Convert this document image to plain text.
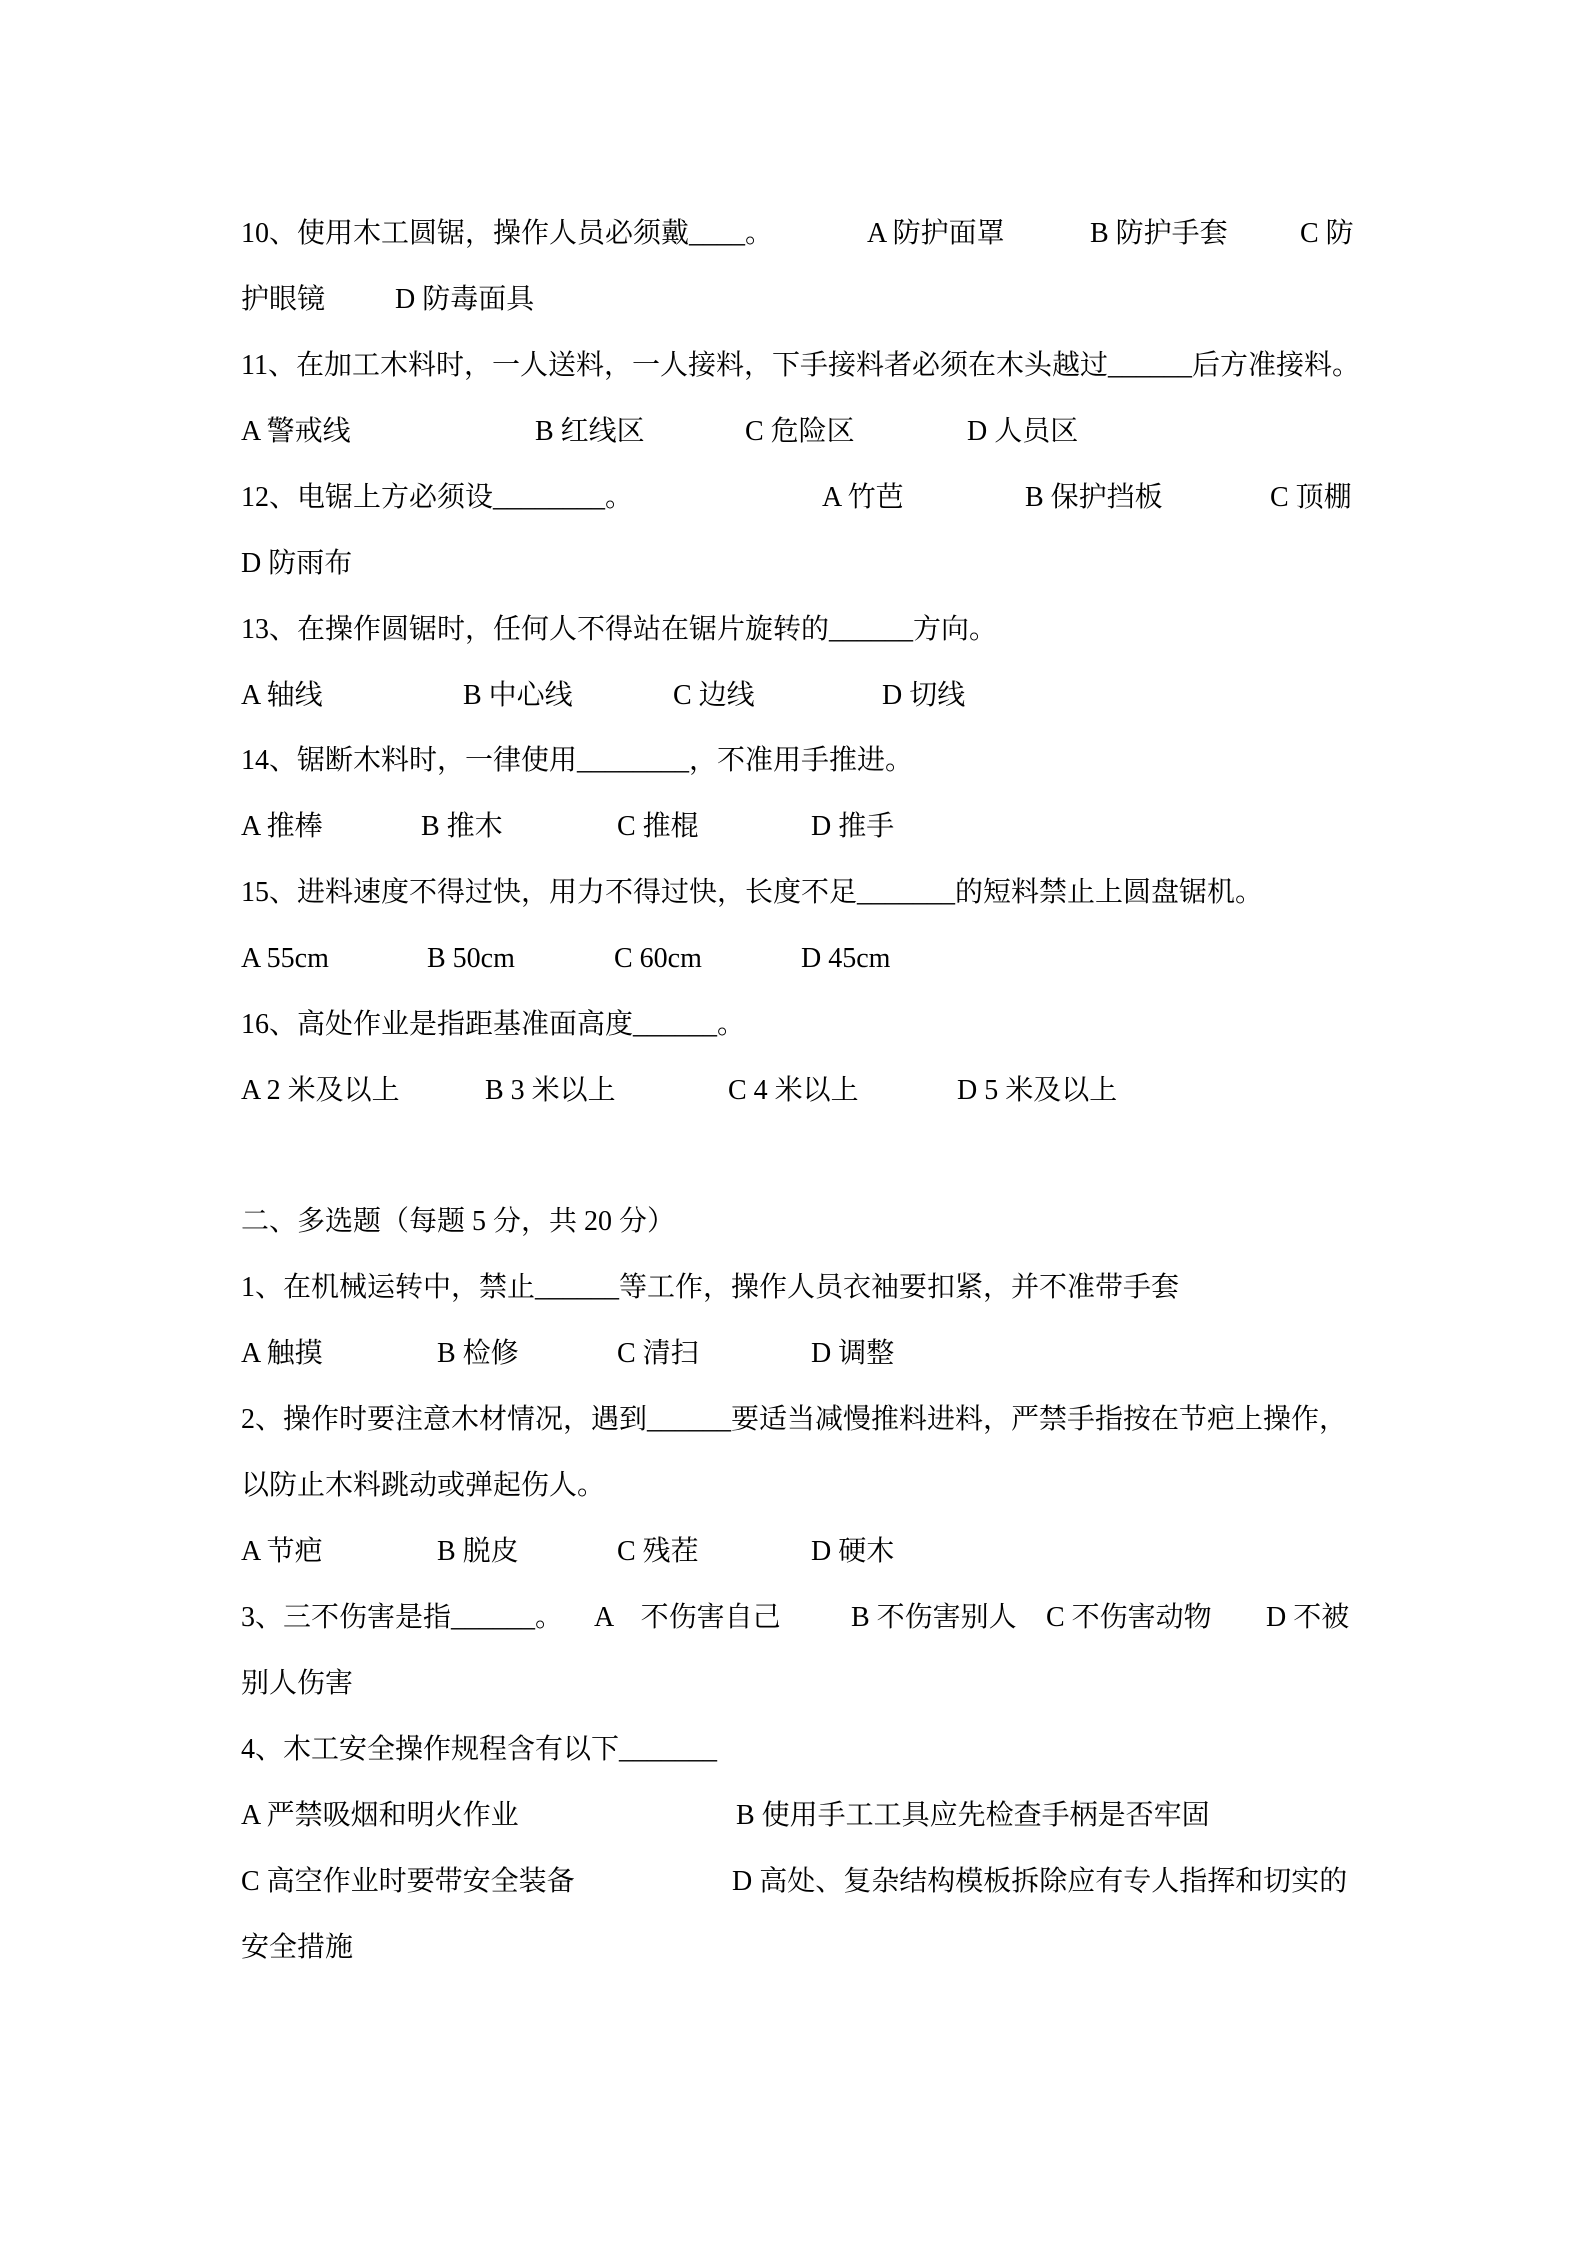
10、使用木工圆锯，操作人员必须戴____。	A 防护面罩	B 防护手套	C 防
护眼镜 D 防毒面具
11、在加工木料时，一人送料，一人接料，下手接料者必须在木头越过______后方准接料。
A 警戒线	B 红线区	C 危险区	D 人员区
12、电锯上方必须设________。	A 竹芭	B 保护挡板	C 顶棚
D 防雨布
13、在操作圆锯时，任何人不得站在锯片旋转的______方向。
A 轴线	B 中心线	C 边线	D 切线
14、锯断木料时，一律使用________，不准用手推进。
A 推棒	B 推木	C 推棍	D 推手
15、进料速度不得过快，用力不得过快，长度不足_______的短料禁止上圆盘锯机。
A 55cm	B 50cm	C 60cm	D 45cm
16、高处作业是指距基准面高度______。
A 2 米及以上	B 3 米以上	C 4 米以上	D 5 米及以上
二、多选题（每题 5 分，共 20 分）
1、在机械运转中，禁止______等工作，操作人员衣袖要扣紧，并不准带手套
A 触摸	B 检修	C 清扫	D 调整
2、操作时要注意木材情况，遇到______要适当减慢推料进料，严禁手指按在节疤上操作，
以防止木料跳动或弹起伤人。
A 节疤	B 脱皮	C 残茬	D 硬木
3、三不伤害是指______。 A　不伤害自己	B 不伤害别人 C 不伤害动物 D 不被
别人伤害
4、木工安全操作规程含有以下_______
A 严禁吸烟和明火作业	B 使用手工工具应先检查手柄是否牢固
C 高空作业时要带安全装备	D 高处、复杂结构模板拆除应有专人指挥和切实的
安全措施
